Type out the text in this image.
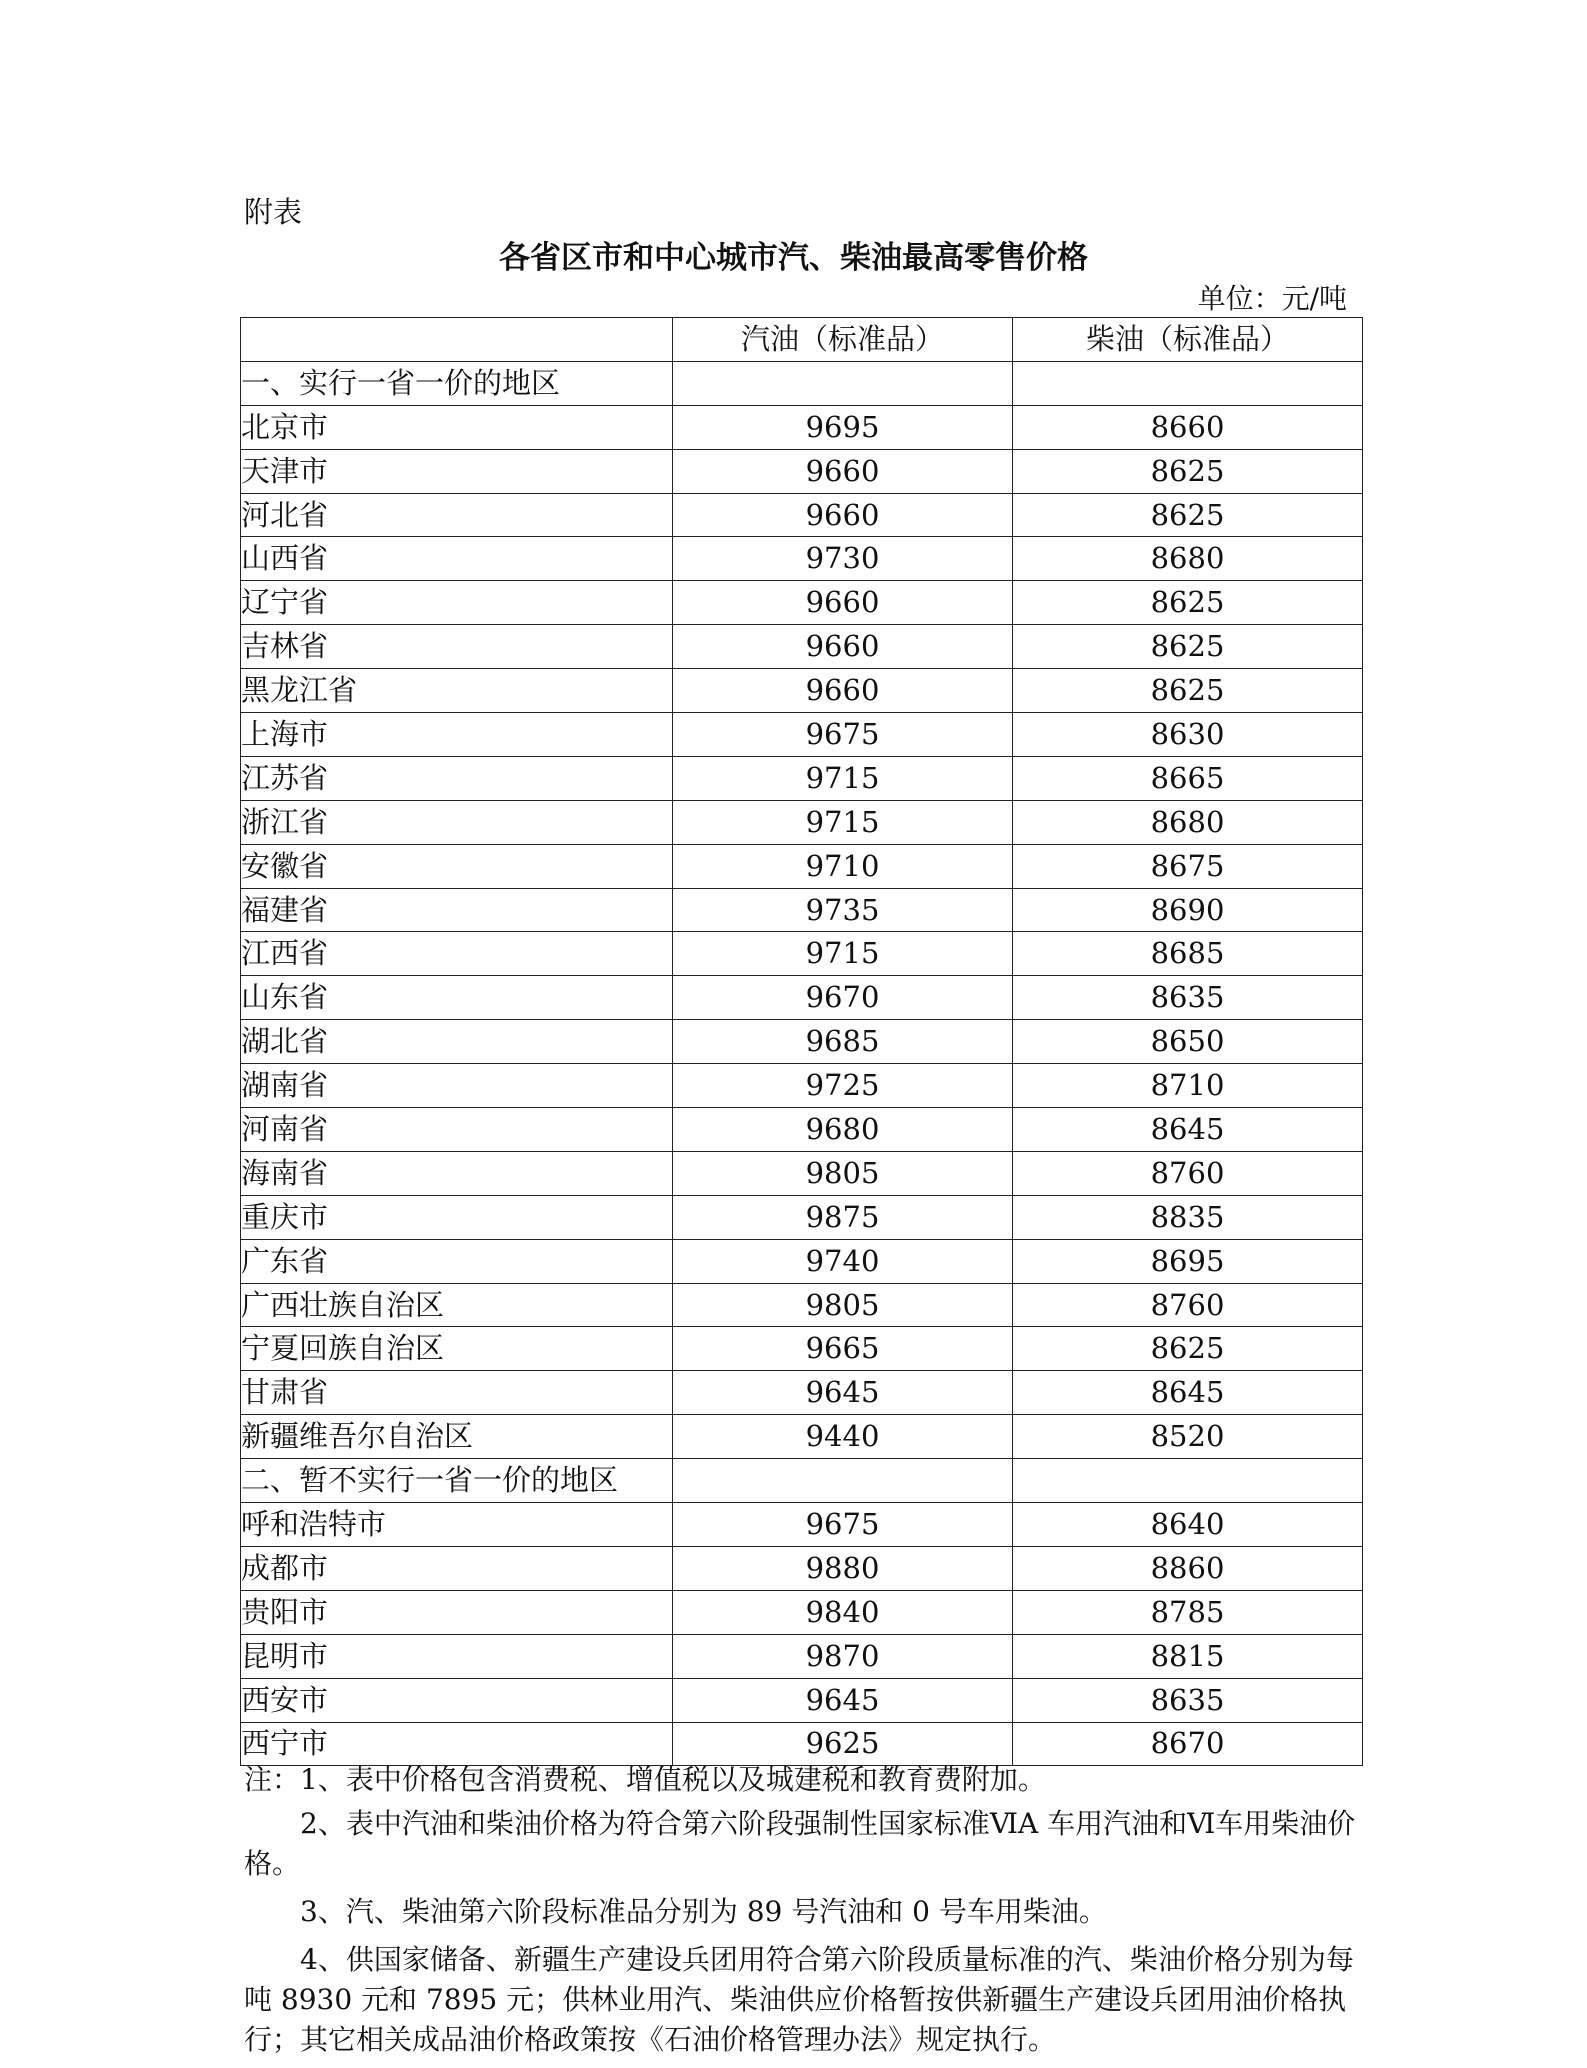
附表
各省区市和中心城市汽、柴油最高零售价格
单位：元/吨
	汽油（标准品）	柴油（标准品）
一、实行一省一价的地区		
北京市	9695	8660
天津市	9660	8625
河北省	9660	8625
山西省	9730	8680
辽宁省	9660	8625
吉林省	9660	8625
黑龙江省	9660	8625
上海市	9675	8630
江苏省	9715	8665
浙江省	9715	8680
安徽省	9710	8675
福建省	9735	8690
江西省	9715	8685
山东省	9670	8635
湖北省	9685	8650
湖南省	9725	8710
河南省	9680	8645
海南省	9805	8760
重庆市	9875	8835
广东省	9740	8695
广西壮族自治区	9805	8760
宁夏回族自治区	9665	8625
甘肃省	9645	8645
新疆维吾尔自治区	9440	8520
二、暂不实行一省一价的地区		
呼和浩特市	9675	8640
成都市	9880	8860
贵阳市	9840	8785
昆明市	9870	8815
西安市	9645	8635
西宁市	9625	8670

注：1、表中价格包含消费税、增值税以及城建税和教育费附加。

2、表中汽油和柴油价格为符合第六阶段强制性国家标准ⅥA 车用汽油和Ⅵ车用柴油价格。

3、汽、柴油第六阶段标准品分别为 89 号汽油和 0 号车用柴油。

4、供国家储备、新疆生产建设兵团用符合第六阶段质量标准的汽、柴油价格分别为每吨 8930 元和 7895 元；供林业用汽、柴油供应价格暂按供新疆生产建设兵团用油价格执行；其它相关成品油价格政策按《石油价格管理办法》规定执行。
